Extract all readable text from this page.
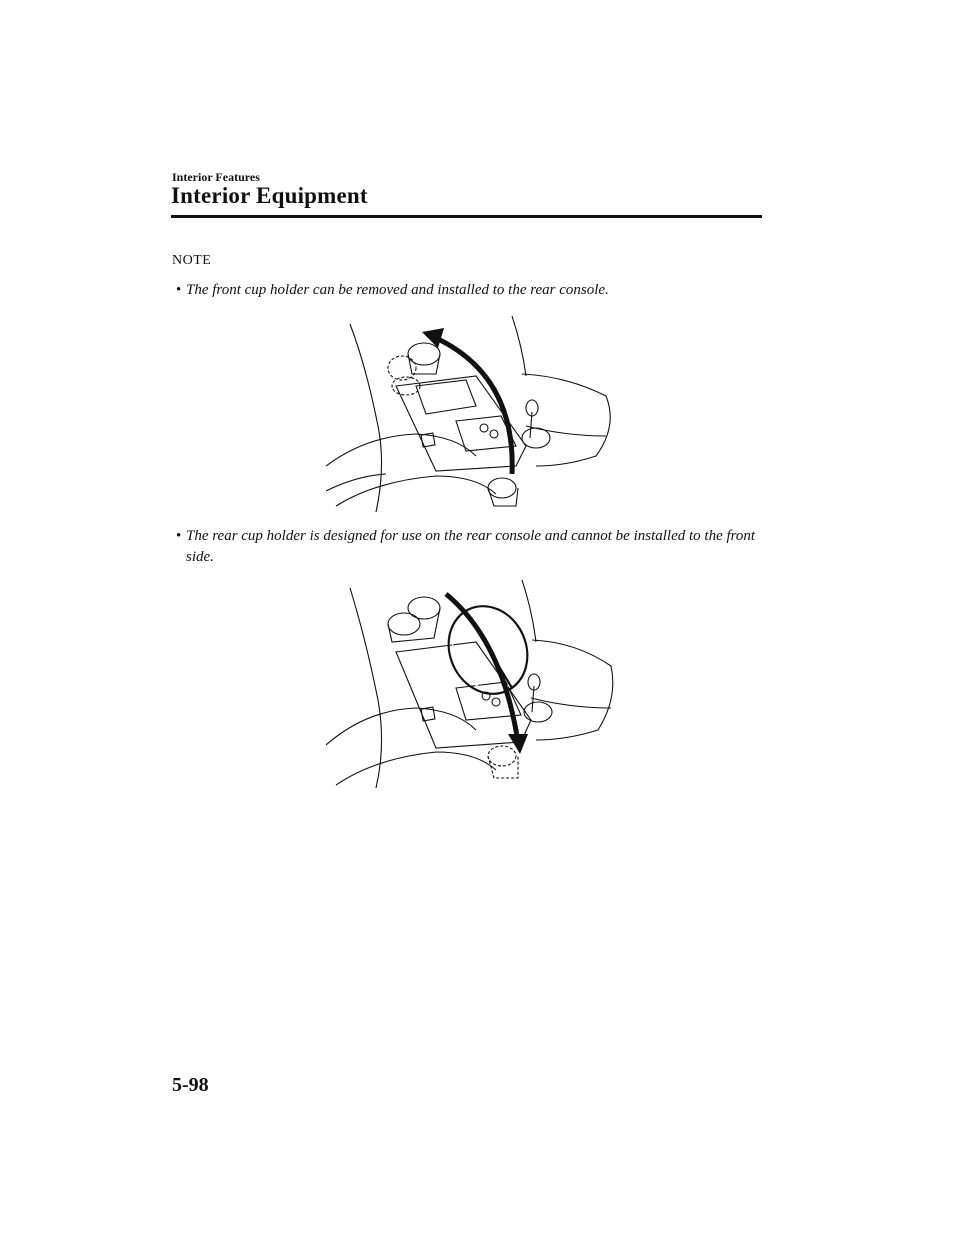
Interior Features
Interior Equipment
NOTE
• The front cup holder can be removed and installed to the rear console.
• The rear cup holder is designed for use on the rear console and cannot be installed to the front side.
5-98
